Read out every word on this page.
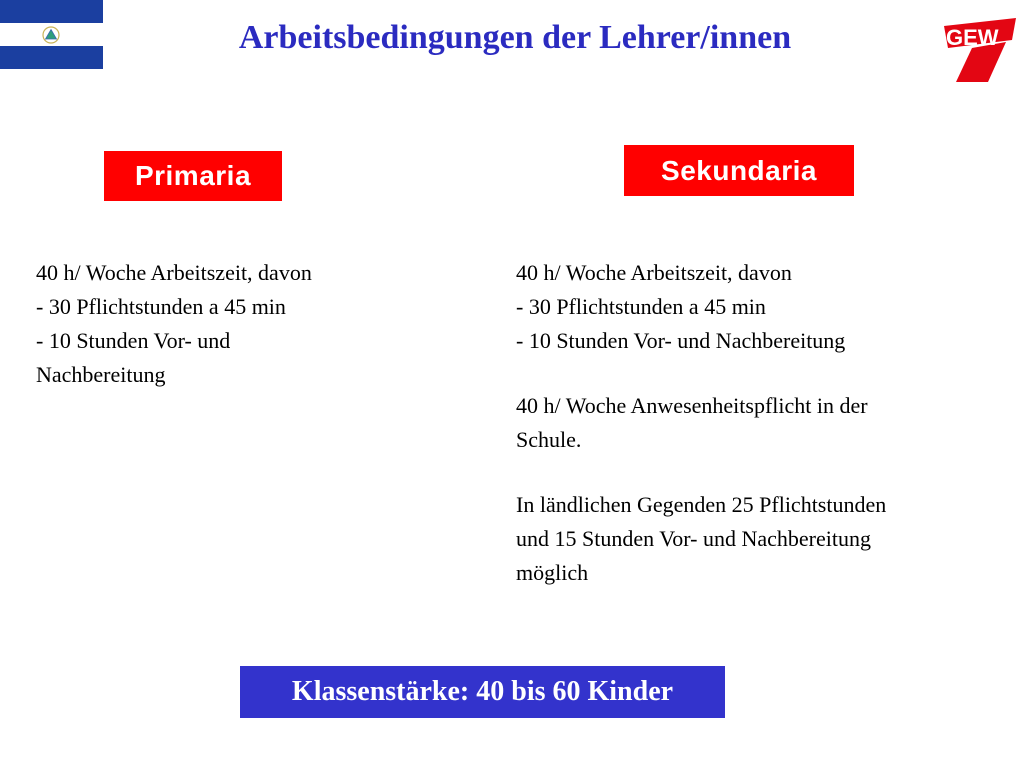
Arbeitsbedingungen der Lehrer/innen	GEW
Primaria	Sekundaria

40 h/ Woche Arbeitszeit, davon

- 30 Pflichtstunden a 45 min

- 10 Stunden Vor- und

Nachbereitung

40 h/ Woche Arbeitszeit, davon

- 30 Pflichtstunden a 45 min

- 10 Stunden Vor- und Nachbereitung

40 h/ Woche Anwesenheitspflicht in der

Schule.

In ländlichen Gegenden 25 Pflichtstunden

und 15 Stunden Vor- und Nachbereitung

möglich

Klassenstärke: 40 bis 60 Kinder
